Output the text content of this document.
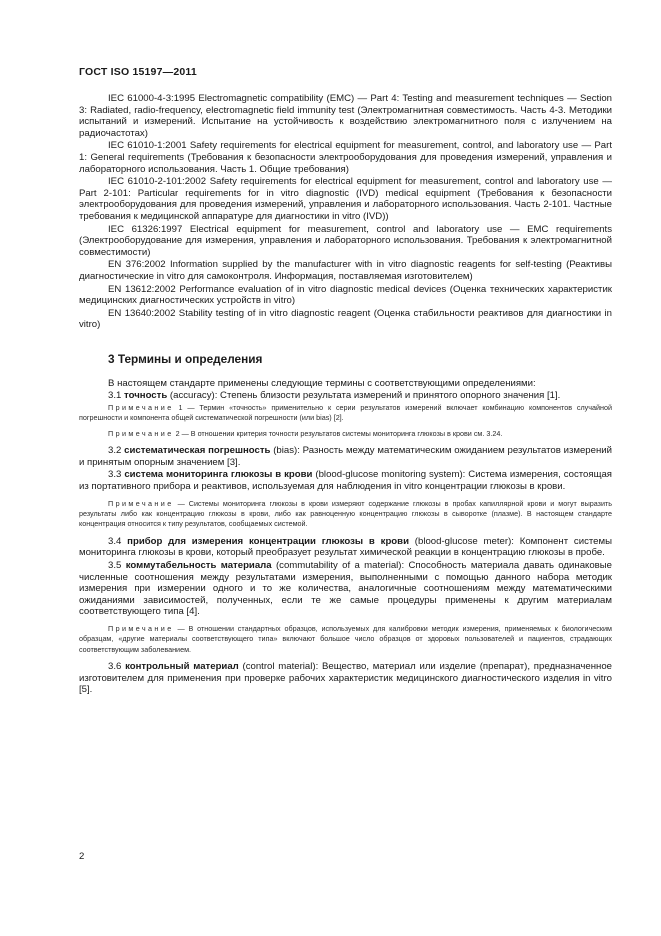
ГОСТ ISO 15197—2011

IEC 61000-4-3:1995 Electromagnetic compatibility (EMC) — Part 4: Testing and measurement techniques — Section 3: Radiated, radio-frequency, electromagnetic field immunity test (Электромагнитная совместимость. Часть 4-3. Методики испытаний и измерений. Испытание на устойчивость к воздействию электромагнитного поля с излучением на радиочастотах)

IEC 61010-1:2001 Safety requirements for electrical equipment for measurement, control, and laboratory use — Part 1: General requirements (Требования к безопасности электрооборудования для проведения измерений, управления и лабораторного использования. Часть 1. Общие требования)

IEC 61010-2-101:2002 Safety requirements for electrical equipment for measurement, control and laboratory use — Part 2-101: Particular requirements for in vitro diagnostic (IVD) medical equipment (Требования к безопасности электрооборудования для проведения измерений, управления и лабораторного использования. Часть 2-101. Частные требования к медицинской аппаратуре для диагностики in vitro (IVD))

IEC 61326:1997 Electrical equipment for measurement, control and laboratory use — EMC requirements (Электрооборудование для измерения, управления и лабораторного использования. Требования к электромагнитной совместимости)

EN 376:2002 Information supplied by the manufacturer with in vitro diagnostic reagents for self-testing (Реактивы диагностические in vitro для самоконтроля. Информация, поставляемая изготовителем)

EN 13612:2002 Performance evaluation of in vitro diagnostic medical devices (Оценка технических характеристик медицинских диагностических устройств in vitro)

EN 13640:2002 Stability testing of in vitro diagnostic reagent (Оценка стабильности реактивов для диагностики in vitro)

3 Термины и определения

В настоящем стандарте применены следующие термины с соответствующими определениями:

3.1 точность (accuracy): Степень близости результата измерений и принятого опорного значения [1].

Примечание 1 — Термин «точность» применительно к серии результатов измерений включает комбинацию компонентов случайной погрешности и компонента общей систематической погрешности (или bias) [2].

Примечание 2 — В отношении критерия точности результатов системы мониторинга глюкозы в крови см. 3.24.

3.2 систематическая погрешность (bias): Разность между математическим ожиданием результатов измерений и принятым опорным значением [3].

3.3 система мониторинга глюкозы в крови (blood-glucose monitoring system): Система измерения, состоящая из портативного прибора и реактивов, используемая для наблюдения in vitro концентрации глюкозы в крови.

Примечание — Системы мониторинга глюкозы в крови измеряют содержание глюкозы в пробах капиллярной крови и могут выразить результаты либо как концентрацию глюкозы в крови, либо как равноценную концентрацию глюкозы в сыворотке (плазме). В настоящем стандарте концентрация относится к типу результатов, сообщаемых системой.

3.4 прибор для измерения концентрации глюкозы в крови (blood-glucose meter): Компонент системы мониторинга глюкозы в крови, который преобразует результат химической реакции в концентрацию глюкозы в пробе.

3.5 коммутабельность материала (commutability of a material): Способность материала давать одинаковые численные соотношения между результатами измерения, выполненными с помощью данного набора методик измерения при измерении одного и то же количества, аналогичные соотношениям между математическими ожиданиями зависимостей, полученных, если те же самые процедуры применены к другим материалам соответствующего типа [4].

Примечание — В отношении стандартных образцов, используемых для калибровки методик измерения, применяемых к биологическим образцам, «другие материалы соответствующего типа» включают большое число образцов от здоровых пользователей и пациентов, страдающих соответствующим заболеванием.

3.6 контрольный материал (control material): Вещество, материал или изделие (препарат), предназначенное изготовителем для применения при проверке рабочих характеристик медицинского диагностического изделия in vitro [5].

2
